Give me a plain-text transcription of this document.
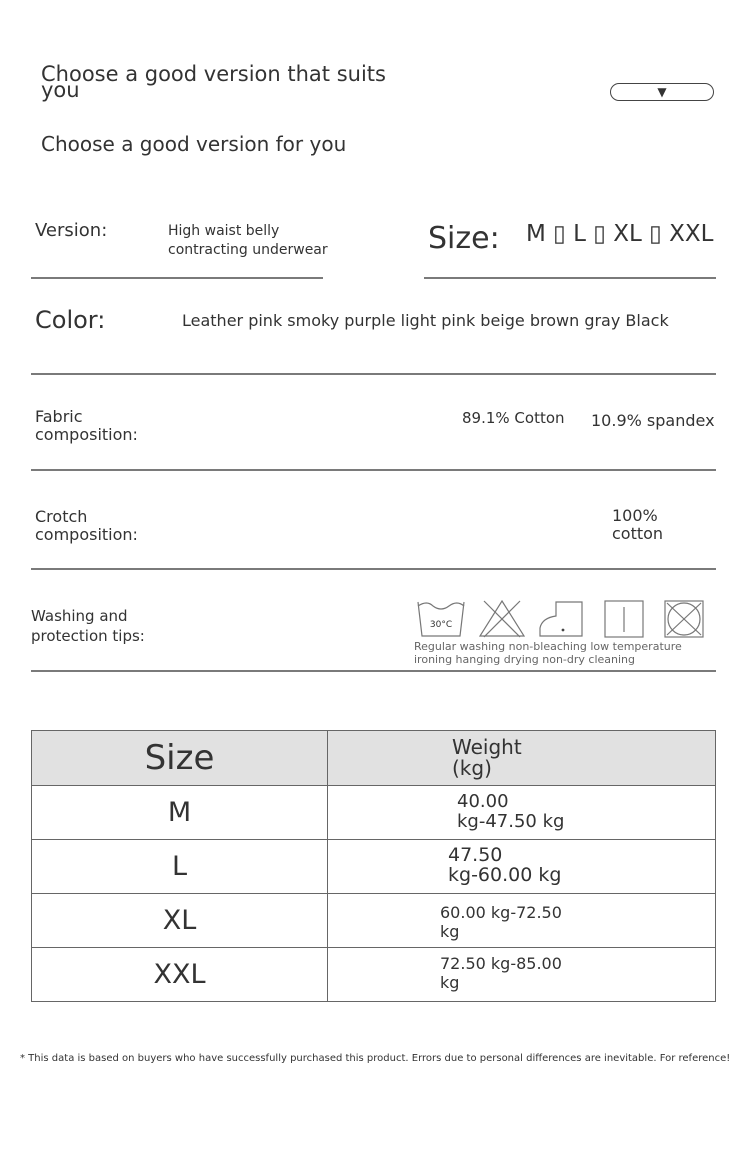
Choose a good version that suits you	▼
Choose a good version for you
Version:	High waist belly
contracting underwear	Size: M ▯ L ▯ XL ▯ XXL
Color:	Leather pink smoky purple light pink beige brown gray Black
Fabric
composition:
89.1% Cotton 10.9% spandex
Crotch
composition:
100%
cotton
Washing and
protection tips:
30°C
Regular washing non-bleaching low temperature
ironing hanging drying non-dry cleaning
Size	Weight
(kg)

M	40.00
kg-47.50 kg

L	47.50
kg-60.00 kg

XL	60.00 kg-72.50
kg

XXL	72.50 kg-85.00
kg
* This data is based on buyers who have successfully purchased this product. Errors due to personal differences are inevitable. For reference!
